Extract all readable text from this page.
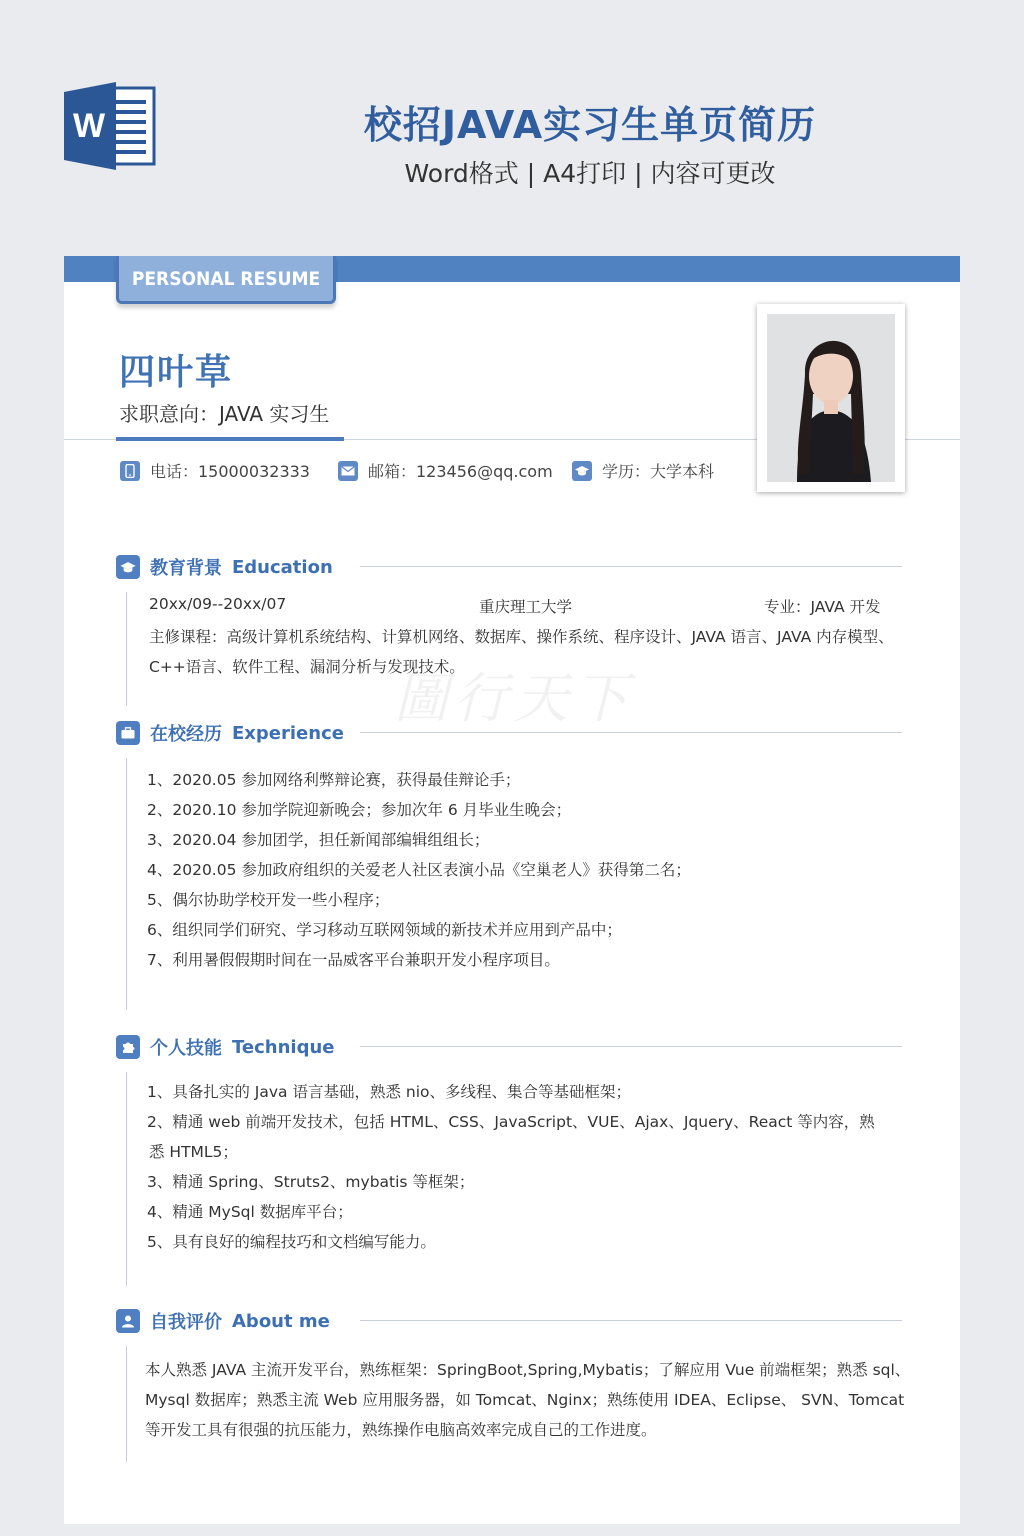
W	校招JAVA实习生单页简历
Word格式 | A4打印 | 内容可更改
PERSONAL RESUME
圖行天下
四叶草
求职意向：JAVA 实习生
电话：15000032333	邮箱：123456@qq.com	学历：大学本科
教育背景 Education
20xx/09--20xx/07	重庆理工大学	专业：JAVA 开发
主修课程：高级计算机系统结构、计算机网络、数据库、操作系统、程序设计、JAVA 语言、JAVA 内存模型、
C++语言、软件工程、漏洞分析与发现技术。
在校经历 Experience
1、2020.05 参加网络利弊辩论赛，获得最佳辩论手；
2、2020.10 参加学院迎新晚会；参加次年 6 月毕业生晚会；
3、2020.04 参加团学，担任新闻部编辑组组长；
4、2020.05 参加政府组织的关爱老人社区表演小品《空巢老人》获得第二名；
5、偶尔协助学校开发一些小程序；
6、组织同学们研究、学习移动互联网领域的新技术并应用到产品中；
7、利用暑假假期时间在一品威客平台兼职开发小程序项目。
个人技能 Technique
1、具备扎实的 Java 语言基础，熟悉 nio、多线程、集合等基础框架；
2、精通 web 前端开发技术，包括 HTML、CSS、JavaScript、VUE、Ajax、Jquery、React 等内容，熟
悉 HTML5；
3、精通 Spring、Struts2、mybatis 等框架；
4、精通 MySql 数据库平台；
5、具有良好的编程技巧和文档编写能力。
自我评价 About me
本人熟悉 JAVA 主流开发平台，熟练框架：SpringBoot,Spring,Mybatis；了解应用 Vue 前端框架；熟悉 sql、
Mysql 数据库；熟悉主流 Web 应用服务器，如 Tomcat、Nginx；熟练使用 IDEA、Eclipse、 SVN、Tomcat
等开发工具有很强的抗压能力，熟练操作电脑高效率完成自己的工作进度。
